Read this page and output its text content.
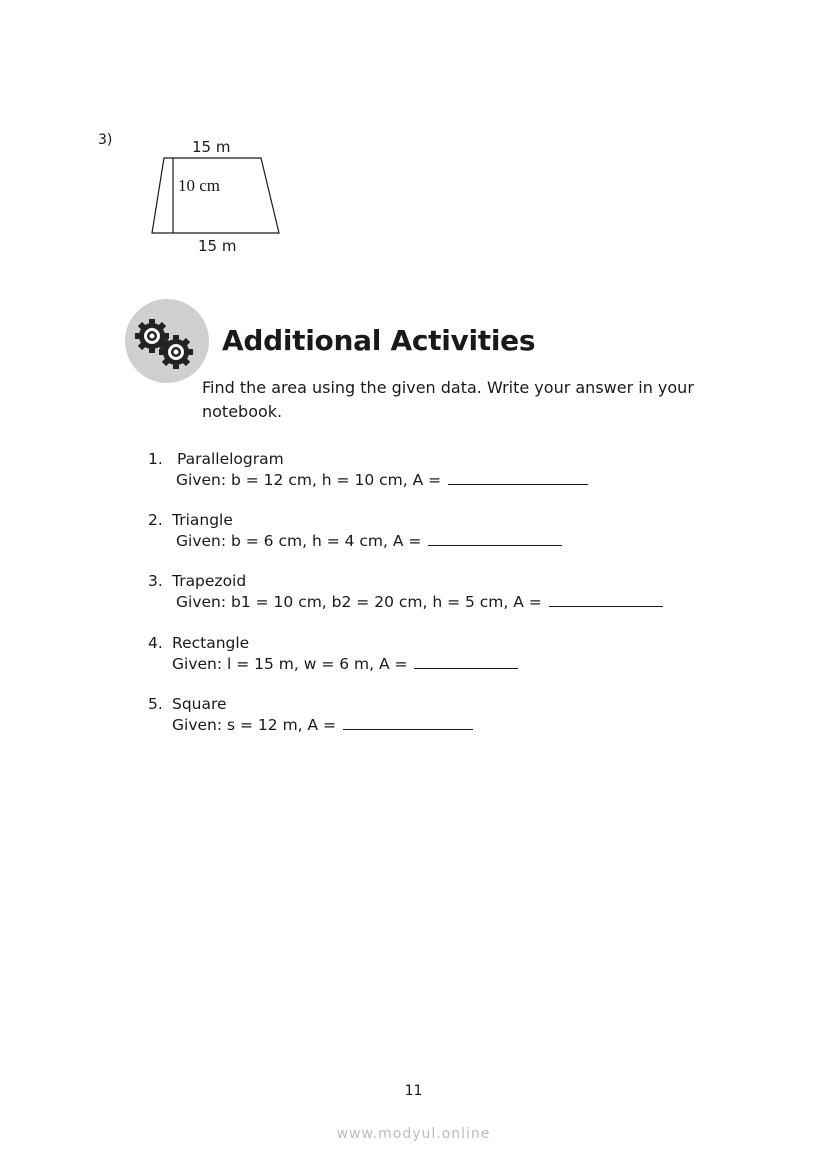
3)	15 m
10 cm
15 m
Additional Activities
Find the area using the given data. Write your answer in your notebook.
1. Parallelogram
Given: b = 12 cm, h = 10 cm, A =
2. Triangle
Given: b = 6 cm, h = 4 cm, A =
3. Trapezoid
Given: b1 = 10 cm, b2 = 20 cm, h = 5 cm, A =
4. Rectangle
Given: l = 15 m, w = 6 m, A =
5. Square
Given: s = 12 m, A =
11
www.modyul.online
